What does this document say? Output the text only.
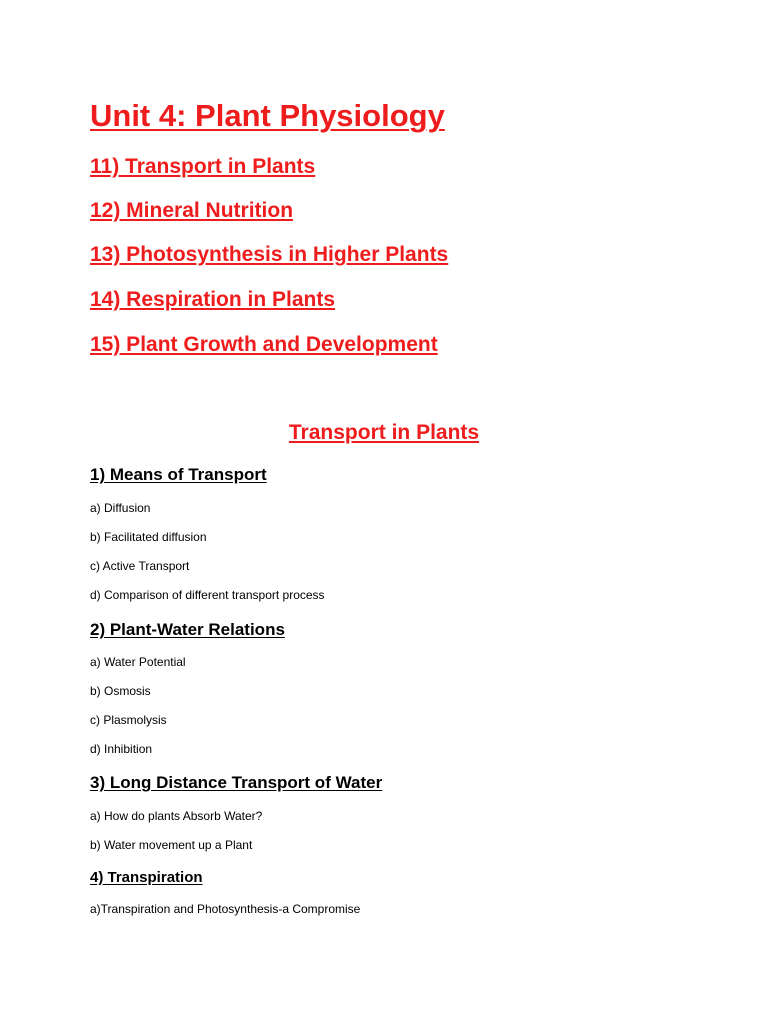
Unit 4: Plant Physiology

11) Transport in Plants

12) Mineral Nutrition

13) Photosynthesis in Higher Plants

14) Respiration in Plants

15) Plant Growth and Development

Transport in Plants

1) Means of Transport

a) Diffusion

b) Facilitated diffusion

c) Active Transport

d) Comparison of different transport process

2) Plant-Water Relations

a) Water Potential

b) Osmosis

c) Plasmolysis

d) Inhibition

3) Long Distance Transport of Water

a) How do plants Absorb Water?

b) Water movement up a Plant

4) Transpiration

a)Transpiration and Photosynthesis-a Compromise
